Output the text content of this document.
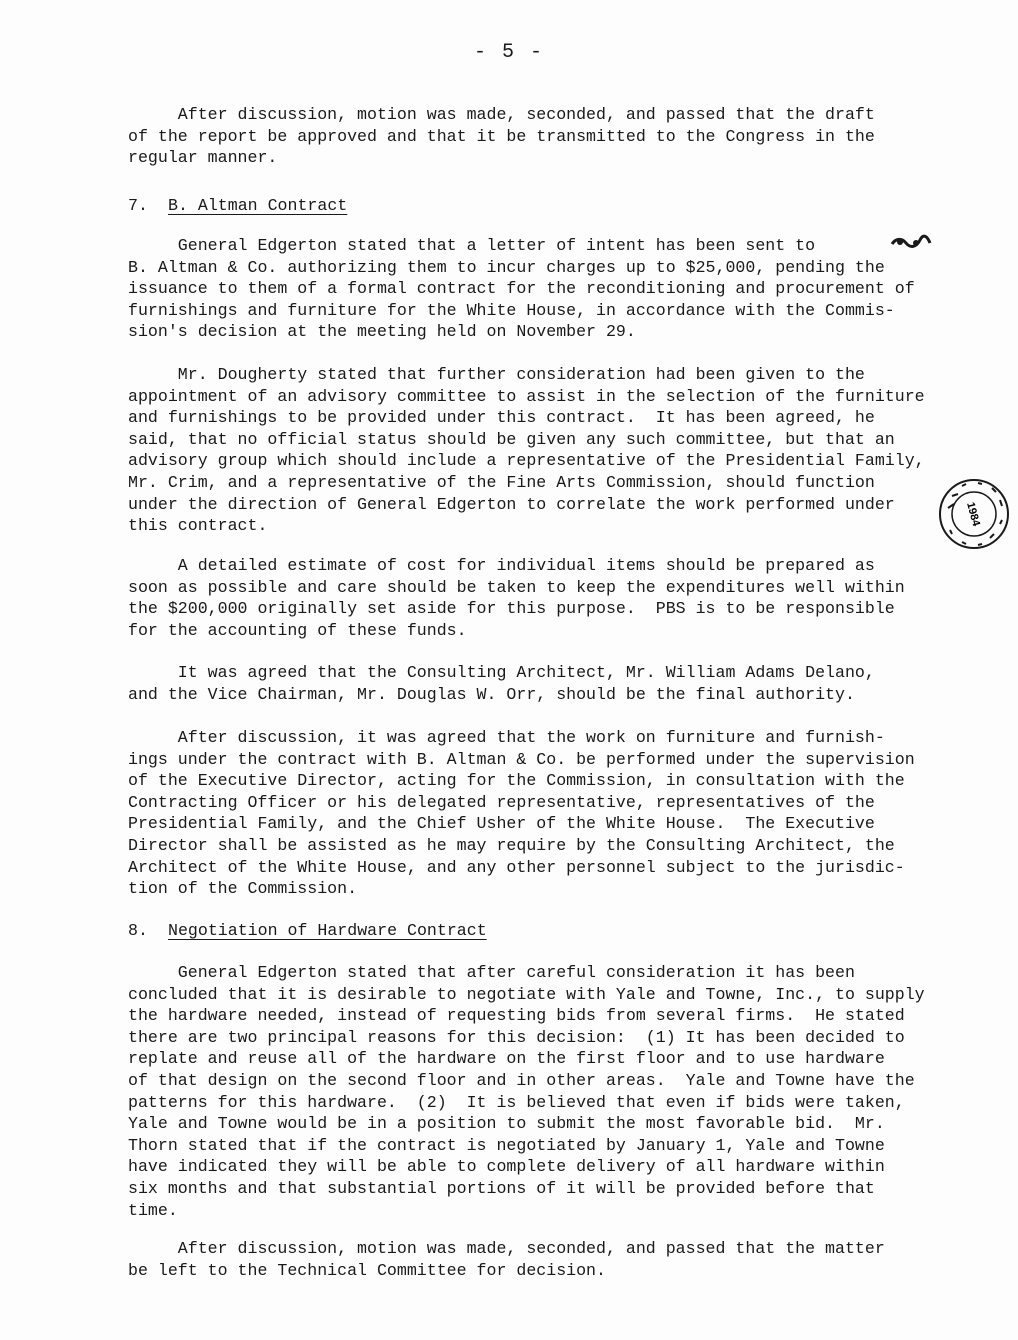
- 5 -
After discussion, motion was made, seconded, and passed that the draft
of the report be approved and that it be transmitted to the Congress in the
regular manner.
7. B. Altman Contract
General Edgerton stated that a letter of intent has been sent to
B. Altman & Co. authorizing them to incur charges up to $25,000, pending the
issuance to them of a formal contract for the reconditioning and procurement of
furnishings and furniture for the White House, in accordance with the Commis-
sion's decision at the meeting held on November 29.
Mr. Dougherty stated that further consideration had been given to the
appointment of an advisory committee to assist in the selection of the furniture
and furnishings to be provided under this contract.  It has been agreed, he
said, that no official status should be given any such committee, but that an
advisory group which should include a representative of the Presidential Family,
Mr. Crim, and a representative of the Fine Arts Commission, should function
under the direction of General Edgerton to correlate the work performed under
this contract.	1984
A detailed estimate of cost for individual items should be prepared as
soon as possible and care should be taken to keep the expenditures well within
the $200,000 originally set aside for this purpose.  PBS is to be responsible
for the accounting of these funds.
It was agreed that the Consulting Architect, Mr. William Adams Delano,
and the Vice Chairman, Mr. Douglas W. Orr, should be the final authority.
After discussion, it was agreed that the work on furniture and furnish-
ings under the contract with B. Altman & Co. be performed under the supervision
of the Executive Director, acting for the Commission, in consultation with the
Contracting Officer or his delegated representative, representatives of the
Presidential Family, and the Chief Usher of the White House.  The Executive
Director shall be assisted as he may require by the Consulting Architect, the
Architect of the White House, and any other personnel subject to the jurisdic-
tion of the Commission.
8. Negotiation of Hardware Contract
General Edgerton stated that after careful consideration it has been
concluded that it is desirable to negotiate with Yale and Towne, Inc., to supply
the hardware needed, instead of requesting bids from several firms.  He stated
there are two principal reasons for this decision:  (1) It has been decided to
replate and reuse all of the hardware on the first floor and to use hardware
of that design on the second floor and in other areas.  Yale and Towne have the
patterns for this hardware.  (2)  It is believed that even if bids were taken,
Yale and Towne would be in a position to submit the most favorable bid.  Mr.
Thorn stated that if the contract is negotiated by January 1, Yale and Towne
have indicated they will be able to complete delivery of all hardware within
six months and that substantial portions of it will be provided before that
time.
After discussion, motion was made, seconded, and passed that the matter
be left to the Technical Committee for decision.
